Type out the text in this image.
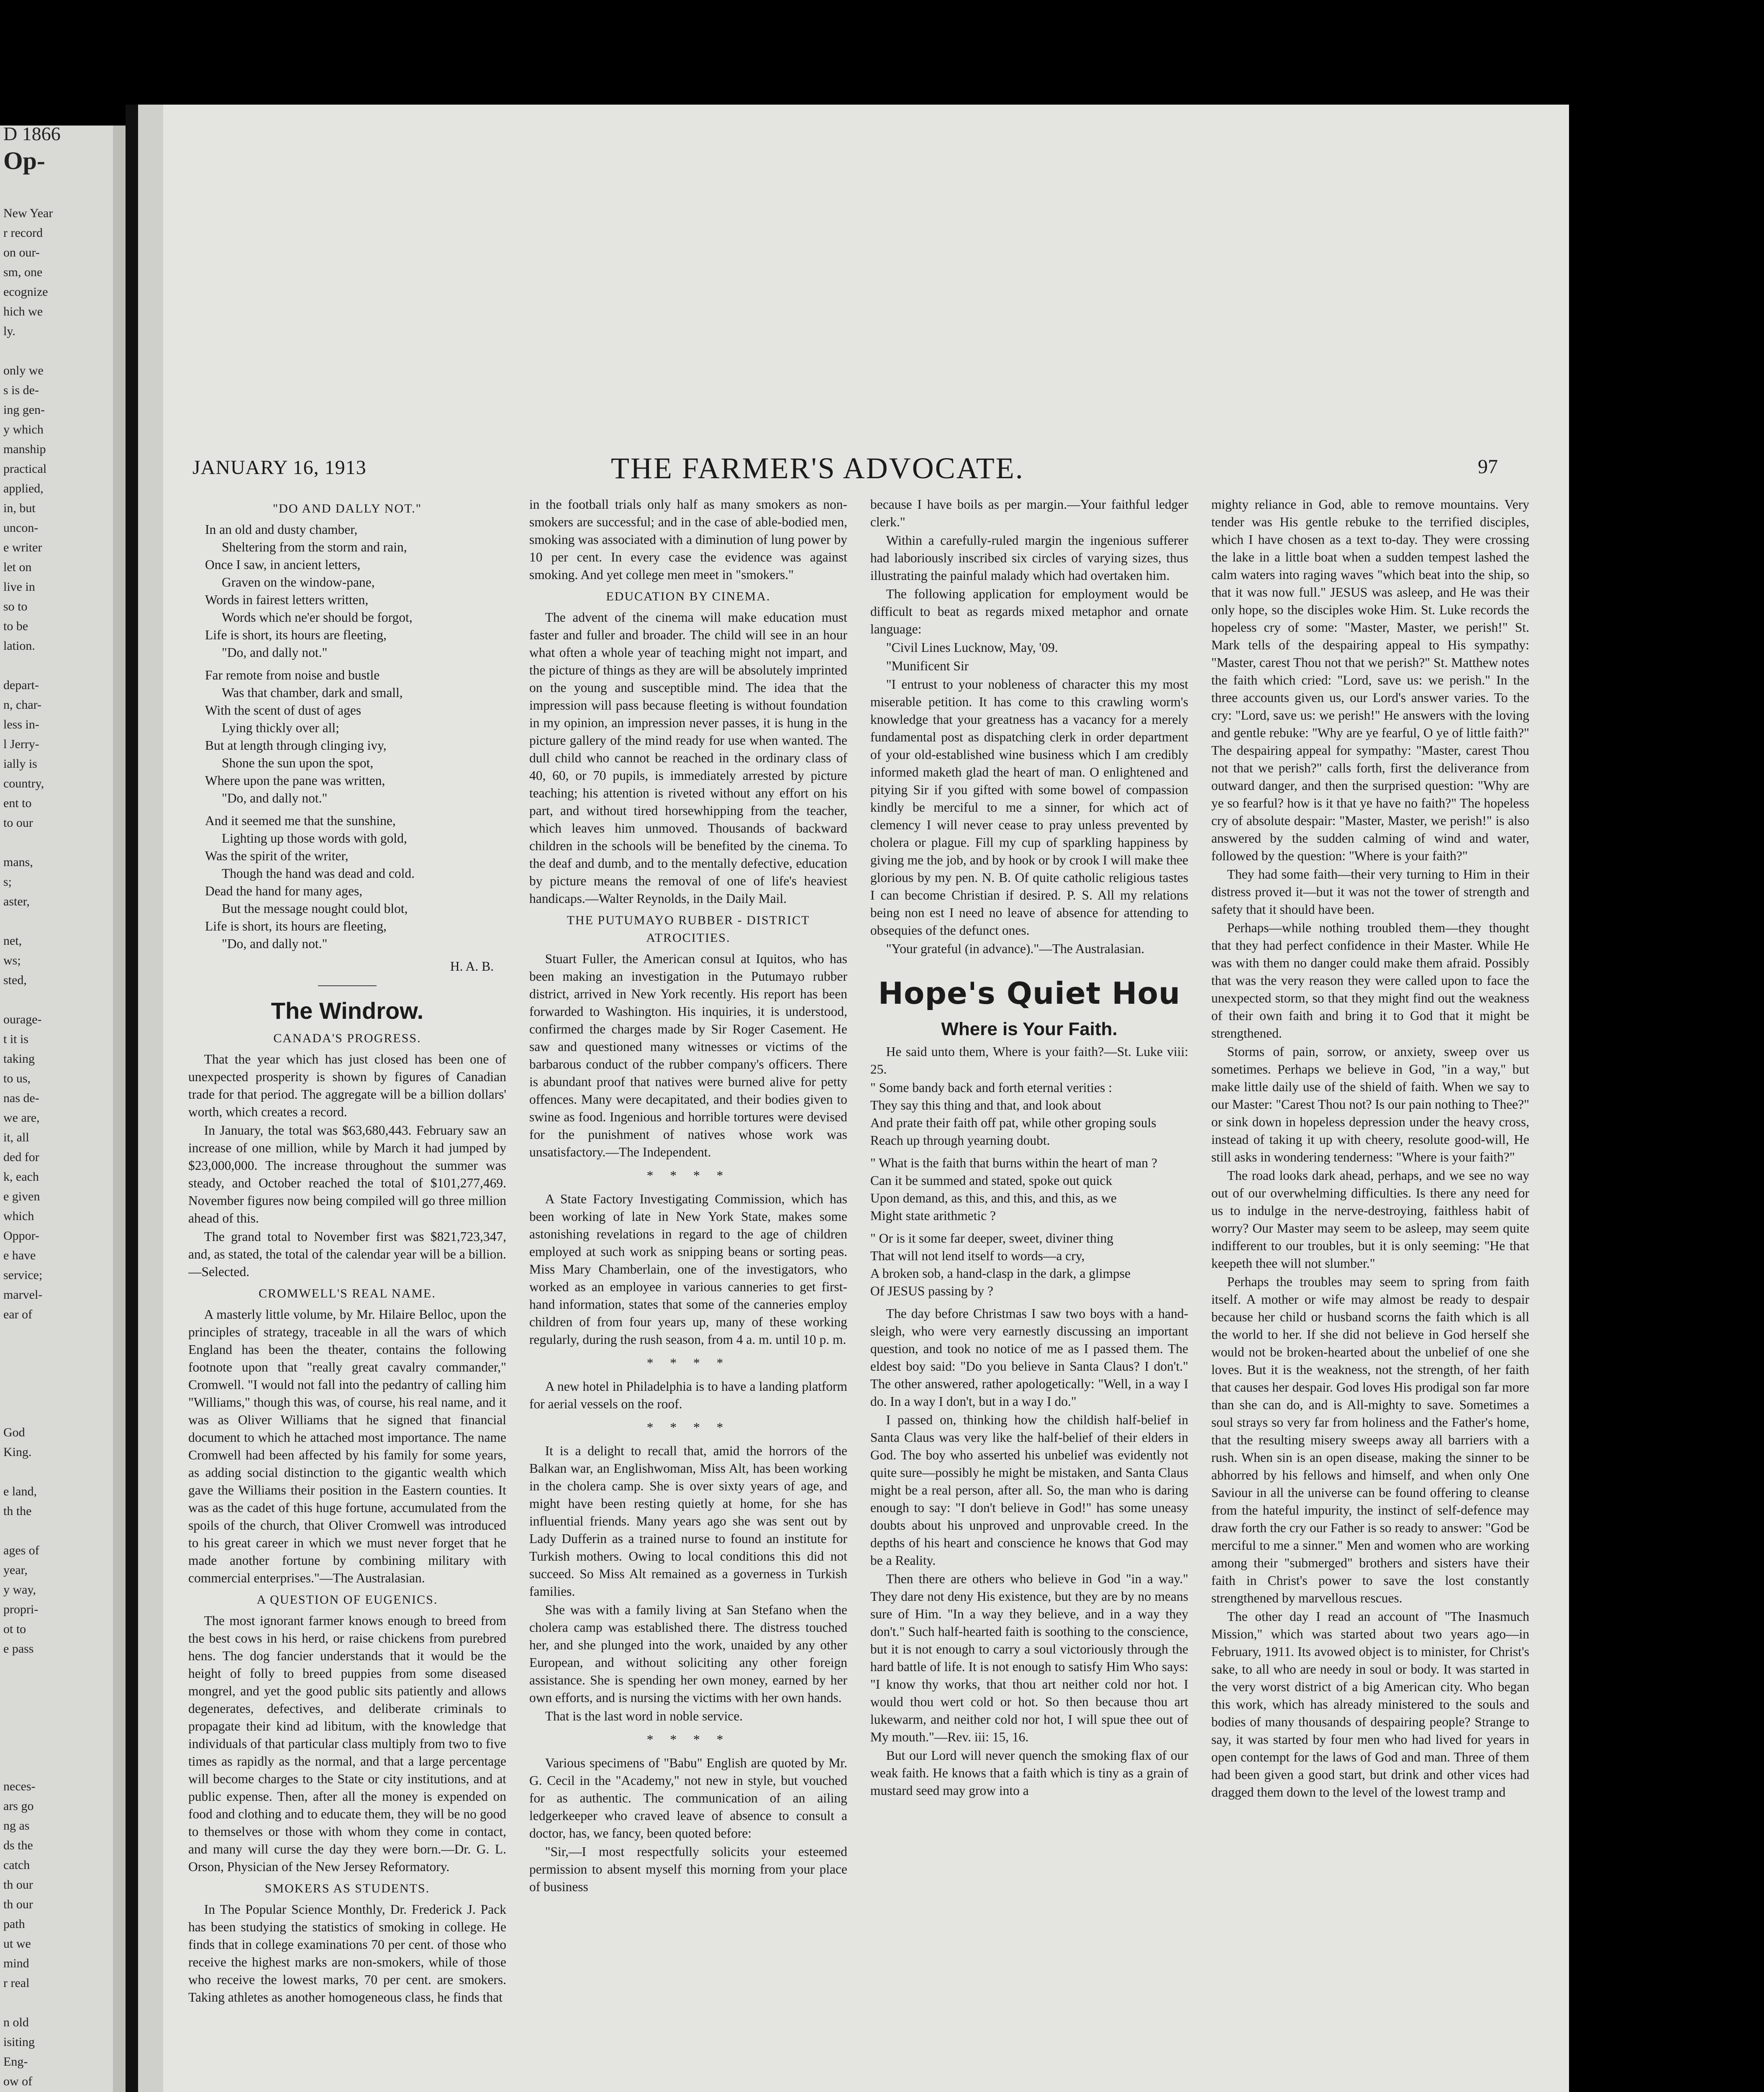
D 1866
Op-
New Year
r record
on our-
sm, one
ecognize
hich we
ly.
only we
s is de-
ing gen-
y which
manship
practical
applied,
in, but
uncon-
e writer
let on
live in
so to
to be
lation.
depart-
n, char-
less in-
l Jerry-
ially is
country,
ent to
to our
mans,
s;
aster,
net,
ws;
sted,
ourage-
t it is
taking
to us,
nas de-
we are,
it, all
ded for
k, each
e given
which
Oppor-
e have
service;
marvel-
ear of
God
King.
e land,
th the
ages of
year,
y way,
propri-
ot to
e pass
neces-
ars go
ng as
ds the
catch
th our
th our
path
ut we
mind
r real
n old
isiting
Eng-
ow of
JANUARY 16, 1913	THE FARMER'S ADVOCATE.	97
"DO AND DALLY NOT."
In an old and dusty chamber,
Sheltering from the storm and rain,
Once I saw, in ancient letters,
Graven on the window-pane,
Words in fairest letters written,
Words which ne'er should be forgot,
Life is short, its hours are fleeting,
"Do, and dally not."
Far remote from noise and bustle
Was that chamber, dark and small,
With the scent of dust of ages
Lying thickly over all;
But at length through clinging ivy,
Shone the sun upon the spot,
Where upon the pane was written,
"Do, and dally not."
And it seemed me that the sunshine,
Lighting up those words with gold,
Was the spirit of the writer,
Though the hand was dead and cold.
Dead the hand for many ages,
But the message nought could blot,
Life is short, its hours are fleeting,
"Do, and dally not."
H. A. B.
The Windrow.
CANADA'S PROGRESS.

That the year which has just closed has been one of unexpected prosperity is shown by figures of Canadian trade for that period. The aggregate will be a billion dollars' worth, which creates a record.

In January, the total was $63,680,443. February saw an increase of one million, while by March it had jumped by $23,000,000. The increase throughout the summer was steady, and October reached the total of $101,277,469. November figures now being compiled will go three million ahead of this.

The grand total to November first was $821,723,347, and, as stated, the total of the calendar year will be a billion.—Selected.

CROMWELL'S REAL NAME.

A masterly little volume, by Mr. Hilaire Belloc, upon the principles of strategy, traceable in all the wars of which England has been the theater, contains the following footnote upon that "really great cavalry commander," Cromwell. "I would not fall into the pedantry of calling him "Williams," though this was, of course, his real name, and it was as Oliver Williams that he signed that financial document to which he attached most importance. The name Cromwell had been affected by his family for some years, as adding social distinction to the gigantic wealth which gave the Williams their position in the Eastern counties. It was as the cadet of this huge fortune, accumulated from the spoils of the church, that Oliver Cromwell was introduced to his great career in which we must never forget that he made another fortune by combining military with commercial enterprises."—The Australasian.

A QUESTION OF EUGENICS.

The most ignorant farmer knows enough to breed from the best cows in his herd, or raise chickens from purebred hens. The dog fancier understands that it would be the height of folly to breed puppies from some diseased mongrel, and yet the good public sits patiently and allows degenerates, defectives, and deliberate criminals to propagate their kind ad libitum, with the knowledge that individuals of that particular class multiply from two to five times as rapidly as the normal, and that a large percentage will become charges to the State or city institutions, and at public expense. Then, after all the money is expended on food and clothing and to educate them, they will be no good to themselves or those with whom they come in contact, and many will curse the day they were born.—Dr. G. L. Orson, Physician of the New Jersey Reformatory.

SMOKERS AS STUDENTS.

In The Popular Science Monthly, Dr. Frederick J. Pack has been studying the statistics of smoking in college. He finds that in college examinations 70 per cent. of those who receive the highest marks are non-smokers, while of those who receive the lowest marks, 70 per cent. are smokers. Taking athletes as another homogeneous class, he finds that

in the football trials only half as many smokers as non-smokers are successful; and in the case of able-bodied men, smoking was associated with a diminution of lung power by 10 per cent. In every case the evidence was against smoking. And yet college men meet in "smokers."

EDUCATION BY CINEMA.

The advent of the cinema will make education must faster and fuller and broader. The child will see in an hour what often a whole year of teaching might not impart, and the picture of things as they are will be absolutely imprinted on the young and susceptible mind. The idea that the impression will pass because fleeting is without foundation in my opinion, an impression never passes, it is hung in the picture gallery of the mind ready for use when wanted. The dull child who cannot be reached in the ordinary class of 40, 60, or 70 pupils, is immediately arrested by picture teaching; his attention is riveted without any effort on his part, and without tired horsewhipping from the teacher, which leaves him unmoved. Thousands of backward children in the schools will be benefited by the cinema. To the deaf and dumb, and to the mentally defective, education by picture means the removal of one of life's heaviest handicaps.—Walter Reynolds, in the Daily Mail.

THE PUTUMAYO RUBBER - DISTRICT ATROCITIES.

Stuart Fuller, the American consul at Iquitos, who has been making an investigation in the Putumayo rubber district, arrived in New York recently. His report has been forwarded to Washington. His inquiries, it is understood, confirmed the charges made by Sir Roger Casement. He saw and questioned many witnesses or victims of the barbarous conduct of the rubber company's officers. There is abundant proof that natives were burned alive for petty offences. Many were decapitated, and their bodies given to swine as food. Ingenious and horrible tortures were devised for the punishment of natives whose work was unsatisfactory.—The Independent.

* * * *

A State Factory Investigating Commission, which has been working of late in New York State, makes some astonishing revelations in regard to the age of children employed at such work as snipping beans or sorting peas. Miss Mary Chamberlain, one of the investigators, who worked as an employee in various canneries to get first-hand information, states that some of the canneries employ children of from four years up, many of these working regularly, during the rush season, from 4 a. m. until 10 p. m.

* * * *

A new hotel in Philadelphia is to have a landing platform for aerial vessels on the roof.

* * * *

It is a delight to recall that, amid the horrors of the Balkan war, an Englishwoman, Miss Alt, has been working in the cholera camp. She is over sixty years of age, and might have been resting quietly at home, for she has influential friends. Many years ago she was sent out by Lady Dufferin as a trained nurse to found an institute for Turkish mothers. Owing to local conditions this did not succeed. So Miss Alt remained as a governess in Turkish families.

She was with a family living at San Stefano when the cholera camp was established there. The distress touched her, and she plunged into the work, unaided by any other European, and without soliciting any other foreign assistance. She is spending her own money, earned by her own efforts, and is nursing the victims with her own hands.

That is the last word in noble service.

* * * *

Various specimens of "Babu" English are quoted by Mr. G. Cecil in the "Academy," not new in style, but vouched for as authentic. The communication of an ailing ledgerkeeper who craved leave of absence to consult a doctor, has, we fancy, been quoted before:

"Sir,—I most respectfully solicits your esteemed permission to absent myself this morning from your place of business

because I have boils as per margin.—Your faithful ledger clerk."

Within a carefully-ruled margin the ingenious sufferer had laboriously inscribed six circles of varying sizes, thus illustrating the painful malady which had overtaken him.

The following application for employment would be difficult to beat as regards mixed metaphor and ornate language:

"Civil Lines Lucknow, May, '09.

"Munificent Sir

"I entrust to your nobleness of character this my most miserable petition. It has come to this crawling worm's knowledge that your greatness has a vacancy for a merely fundamental post as dispatching clerk in order department of your old-established wine business which I am credibly informed maketh glad the heart of man. O enlightened and pitying Sir if you gifted with some bowel of compassion kindly be merciful to me a sinner, for which act of clemency I will never cease to pray unless prevented by cholera or plague. Fill my cup of sparkling happiness by giving me the job, and by hook or by crook I will make thee glorious by my pen. N. B. Of quite catholic religious tastes I can become Christian if desired. P. S. All my relations being non est I need no leave of absence for attending to obsequies of the defunct ones.

"Your grateful (in advance)."—The Australasian.

Hope's Quiet Hou
Where is Your Faith.

He said unto them, Where is your faith?—St. Luke viii: 25.

" Some bandy back and forth eternal verities :
They say this thing and that, and look about
And prate their faith off pat, while other groping souls
Reach up through yearning doubt.
" What is the faith that burns within the heart of man ?
Can it be summed and stated, spoke out quick
Upon demand, as this, and this, and this, as we
Might state arithmetic ?
" Or is it some far deeper, sweet, diviner thing
That will not lend itself to words—a cry,
A broken sob, a hand-clasp in the dark, a glimpse
Of JESUS passing by ?

The day before Christmas I saw two boys with a hand-sleigh, who were very earnestly discussing an important question, and took no notice of me as I passed them. The eldest boy said: "Do you believe in Santa Claus? I don't." The other answered, rather apologetically: "Well, in a way I do. In a way I don't, but in a way I do."

I passed on, thinking how the childish half-belief in Santa Claus was very like the half-belief of their elders in God. The boy who asserted his unbelief was evidently not quite sure—possibly he might be mistaken, and Santa Claus might be a real person, after all. So, the man who is daring enough to say: "I don't believe in God!" has some uneasy doubts about his unproved and unprovable creed. In the depths of his heart and conscience he knows that God may be a Reality.

Then there are others who believe in God "in a way." They dare not deny His existence, but they are by no means sure of Him. "In a way they believe, and in a way they don't." Such half-hearted faith is soothing to the conscience, but it is not enough to carry a soul victoriously through the hard battle of life. It is not enough to satisfy Him Who says: "I know thy works, that thou art neither cold nor hot. I would thou wert cold or hot. So then because thou art lukewarm, and neither cold nor hot, I will spue thee out of My mouth."—Rev. iii: 15, 16.

But our Lord will never quench the smoking flax of our weak faith. He knows that a faith which is tiny as a grain of mustard seed may grow into a

mighty reliance in God, able to remove mountains. Very tender was His gentle rebuke to the terrified disciples, which I have chosen as a text to-day. They were crossing the lake in a little boat when a sudden tempest lashed the calm waters into raging waves "which beat into the ship, so that it was now full." JESUS was asleep, and He was their only hope, so the disciples woke Him. St. Luke records the hopeless cry of some: "Master, Master, we perish!" St. Mark tells of the despairing appeal to His sympathy: "Master, carest Thou not that we perish?" St. Matthew notes the faith which cried: "Lord, save us: we perish." In the three accounts given us, our Lord's answer varies. To the cry: "Lord, save us: we perish!" He answers with the loving and gentle rebuke: "Why are ye fearful, O ye of little faith?" The despairing appeal for sympathy: "Master, carest Thou not that we perish?" calls forth, first the deliverance from outward danger, and then the surprised question: "Why are ye so fearful? how is it that ye have no faith?" The hopeless cry of absolute despair: "Master, Master, we perish!" is also answered by the sudden calming of wind and water, followed by the question: "Where is your faith?"

They had some faith—their very turning to Him in their distress proved it—but it was not the tower of strength and safety that it should have been.

Perhaps—while nothing troubled them—they thought that they had perfect confidence in their Master. While He was with them no danger could make them afraid. Possibly that was the very reason they were called upon to face the unexpected storm, so that they might find out the weakness of their own faith and bring it to God that it might be strengthened.

Storms of pain, sorrow, or anxiety, sweep over us sometimes. Perhaps we believe in God, "in a way," but make little daily use of the shield of faith. When we say to our Master: "Carest Thou not? Is our pain nothing to Thee?" or sink down in hopeless depression under the heavy cross, instead of taking it up with cheery, resolute good-will, He still asks in wondering tenderness: "Where is your faith?"

The road looks dark ahead, perhaps, and we see no way out of our overwhelming difficulties. Is there any need for us to indulge in the nerve-destroying, faithless habit of worry? Our Master may seem to be asleep, may seem quite indifferent to our troubles, but it is only seeming: "He that keepeth thee will not slumber."

Perhaps the troubles may seem to spring from faith itself. A mother or wife may almost be ready to despair because her child or husband scorns the faith which is all the world to her. If she did not believe in God herself she would not be broken-hearted about the unbelief of one she loves. But it is the weakness, not the strength, of her faith that causes her despair. God loves His prodigal son far more than she can do, and is All-mighty to save. Sometimes a soul strays so very far from holiness and the Father's home, that the resulting misery sweeps away all barriers with a rush. When sin is an open disease, making the sinner to be abhorred by his fellows and himself, and when only One Saviour in all the universe can be found offering to cleanse from the hateful impurity, the instinct of self-defence may draw forth the cry our Father is so ready to answer: "God be merciful to me a sinner." Men and women who are working among their "submerged" brothers and sisters have their faith in Christ's power to save the lost constantly strengthened by marvellous rescues.

The other day I read an account of "The Inasmuch Mission," which was started about two years ago—in February, 1911. Its avowed object is to minister, for Christ's sake, to all who are needy in soul or body. It was started in the very worst district of a big American city. Who began this work, which has already ministered to the souls and bodies of many thousands of despairing people? Strange to say, it was started by four men who had lived for years in open contempt for the laws of God and man. Three of them had been given a good start, but drink and other vices had dragged them down to the level of the lowest tramp and
